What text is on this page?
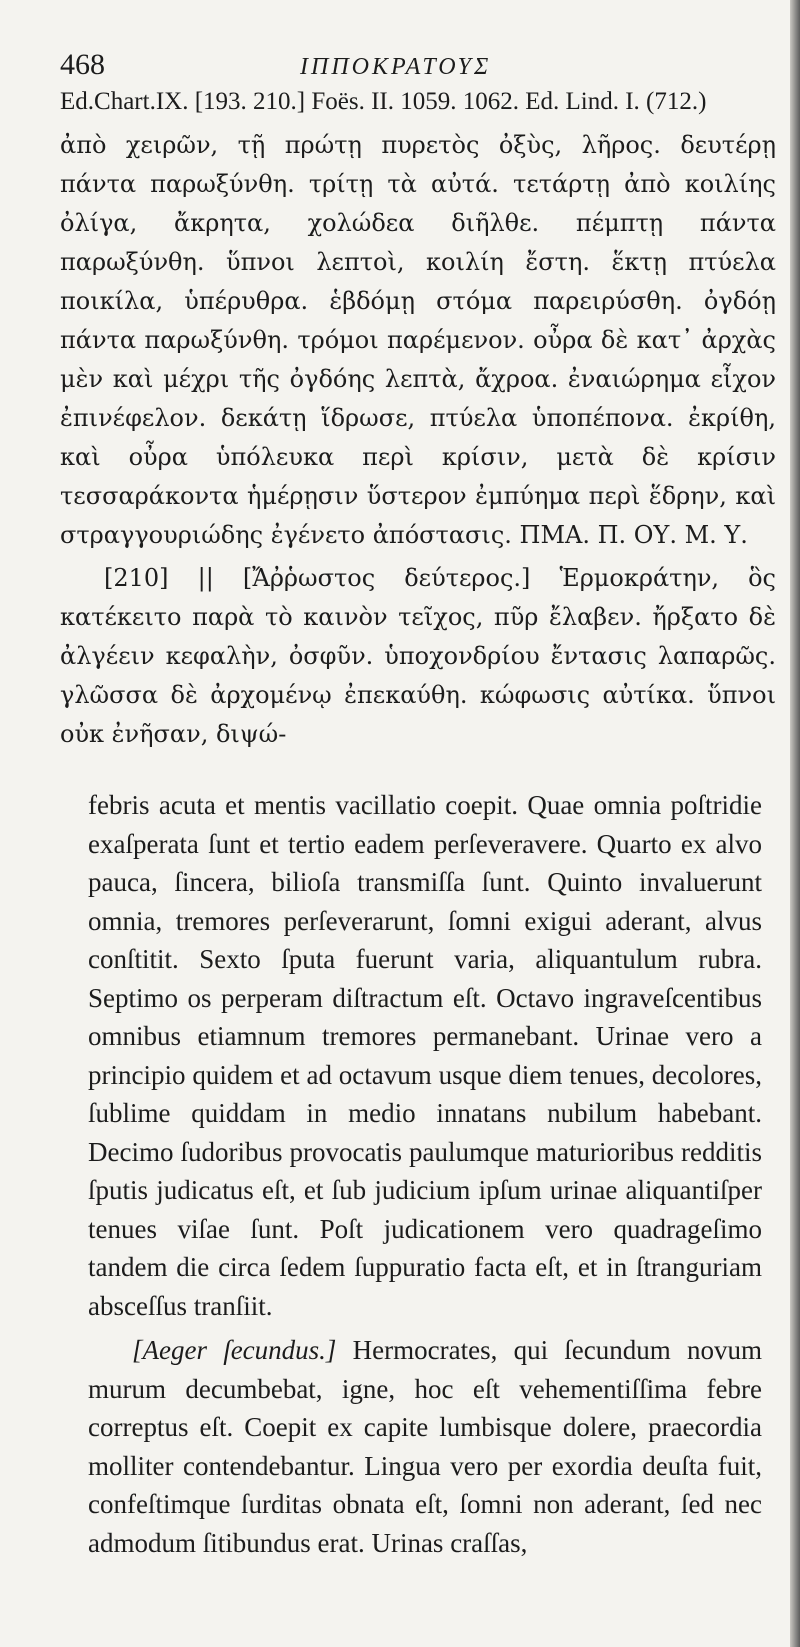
468	ΙΠΠΟΚΡΑΤΟΥΣ
Ed.Chart.IX. [193. 210.] Foës. II. 1059. 1062. Ed. Lind. I. (712.)

ἀπὸ χειρῶν, τῇ πρώτῃ πυρετὸς ὀξὺς, λῆρος. δευτέρῃ πάντα παρωξύνθη. τρίτῃ τὰ αὐτά. τετάρτῃ ἀπὸ κοιλίης ὀλίγα, ἄκρητα, χολώδεα διῆλθε. πέμπτῃ πάντα παρωξύνθη. ὕπνοι λεπτοὶ, κοιλίη ἔστη. ἕκτῃ πτύελα ποικίλα, ὑπέρυθρα. ἑβδόμῃ στόμα παρειρύσθη. ὀγδόῃ πάντα παρωξύνθη. τρόμοι παρέμενον. οὖρα δὲ κατ᾽ ἀρχὰς μὲν καὶ μέχρι τῆς ὀγδόης λεπτὰ, ἄχροα. ἐναιώρημα εἶχον ἐπινέφελον. δεκάτῃ ἵδρωσε, πτύελα ὑποπέπονα. ἐκρίθη, καὶ οὖρα ὑπόλευκα περὶ κρίσιν, μετὰ δὲ κρίσιν τεσσαράκοντα ἡμέρῃσιν ὕστερον ἐμπύημα περὶ ἕδρην, καὶ στραγγουριώδης ἐγένετο ἀπόστασις. ΠΜΑ. Π. ΟΥ. Μ. Υ.

[210] || [Ἄῤῥωστος δεύτερος.] Ἑρμοκράτην, ὃς κατέκειτο παρὰ τὸ καινὸν τεῖχος, πῦρ ἔλαβεν. ἤρξατο δὲ ἀλγέειν κεφαλὴν, ὀσφῦν. ὑποχονδρίου ἔντασις λαπαρῶς. γλῶσσα δὲ ἀρχομένῳ ἐπεκαύθη. κώφωσις αὐτίκα. ὕπνοι οὐκ ἐνῆσαν, διψώ-

febris acuta et mentis vacillatio coepit. Quae omnia poſtridie exaſperata ſunt et tertio eadem perſeveravere. Quarto ex alvo pauca, ſincera, bilioſa transmiſſa ſunt. Quinto invaluerunt omnia, tremores perſeverarunt, ſomni exigui aderant, alvus conſtitit. Sexto ſputa fuerunt varia, aliquantulum rubra. Septimo os perperam diſtractum eſt. Octavo ingraveſcentibus omnibus etiamnum tremores permanebant. Urinae vero a principio quidem et ad octavum usque diem tenues, decolores, ſublime quiddam in medio innatans nubilum habebant. Decimo ſudoribus provocatis paulumque maturioribus redditis ſputis judicatus eſt, et ſub judicium ipſum urinae aliquantiſper tenues viſae ſunt. Poſt judicationem vero quadrageſimo tandem die circa ſedem ſuppuratio facta eſt, et in ſtranguriam absceſſus tranſiit.

[Aeger ſecundus.] Hermocrates, qui ſecundum novum murum decumbebat, igne, hoc eſt vehementiſſima febre correptus eſt. Coepit ex capite lumbisque dolere, praecordia molliter contendebantur. Lingua vero per exordia deuſta fuit, confeſtimque ſurditas obnata eſt, ſomni non aderant, ſed nec admodum ſitibundus erat. Urinas craſſas,
